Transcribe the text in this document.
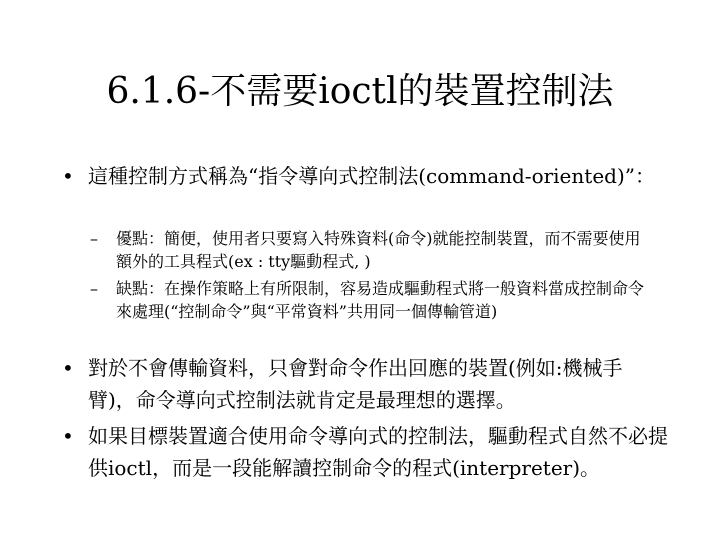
6.1.6-不需要ioctl的裝置控制法
• 這種控制方式稱為“指令導向式控制法(command-oriented)”：
–	優點：簡便，使用者只要寫入特殊資料(命令)就能控制裝置，而不需要使用額外的工具程式(ex : tty驅動程式, )
–	缺點：在操作策略上有所限制，容易造成驅動程式將一般資料當成控制命令來處理(“控制命令”與“平常資料”共用同一個傳輸管道)
• 對於不會傳輸資料，只會對命令作出回應的裝置(例如:機械手臂)，命令導向式控制法就肯定是最理想的選擇。
• 如果目標裝置適合使用命令導向式的控制法，驅動程式自然不必提供ioctl，而是一段能解讀控制命令的程式(interpreter)。
